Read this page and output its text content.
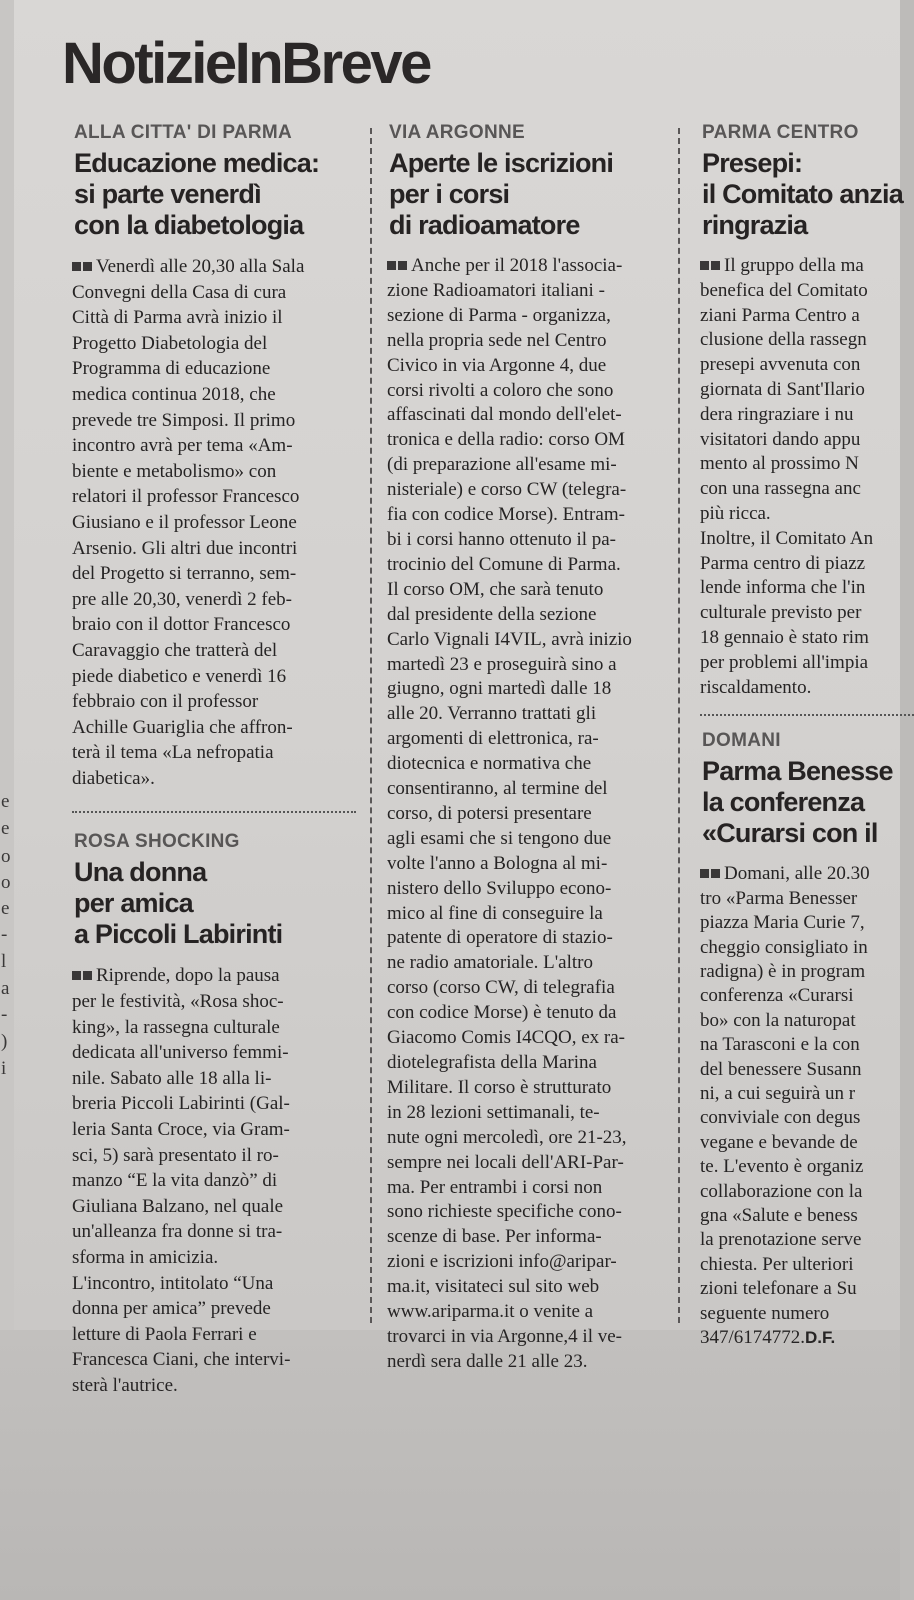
e
e
o
o
e
-
l
a
-
)
i
NotizieInBreve
ALLA CITTA' DI PARMA
Educazione medica:
si parte venerdì
con la diabetologia
Venerdì alle 20,30 alla Sala
Convegni della Casa di cura
Città di Parma avrà inizio il
Progetto Diabetologia del
Programma di educazione
medica continua 2018, che
prevede tre Simposi. Il primo
incontro avrà per tema «Am-
biente e metabolismo» con
relatori il professor Francesco
Giusiano e il professor Leone
Arsenio. Gli altri due incontri
del Progetto si terranno, sem-
pre alle 20,30, venerdì 2 feb-
braio con il dottor Francesco
Caravaggio che tratterà del
piede diabetico e venerdì 16
febbraio con il professor
Achille Guariglia che affron-
terà il tema «La nefropatia
diabetica».
ROSA SHOCKING
Una donna
per amica
a Piccoli Labirinti
Riprende, dopo la pausa
per le festività, «Rosa shoc-
king», la rassegna culturale
dedicata all'universo femmi-
nile. Sabato alle 18 alla li-
breria Piccoli Labirinti (Gal-
leria Santa Croce, via Gram-
sci, 5) sarà presentato il ro-
manzo “E la vita danzò” di
Giuliana Balzano, nel quale
un'alleanza fra donne si tra-
sforma in amicizia.
L'incontro, intitolato “Una
donna per amica” prevede
letture di Paola Ferrari e
Francesca Ciani, che intervi-
sterà l'autrice.
VIA ARGONNE
Aperte le iscrizioni
per i corsi
di radioamatore
Anche per il 2018 l'associa-
zione Radioamatori italiani -
sezione di Parma - organizza,
nella propria sede nel Centro
Civico in via Argonne 4, due
corsi rivolti a coloro che sono
affascinati dal mondo dell'elet-
tronica e della radio: corso OM
(di preparazione all'esame mi-
nisteriale) e corso CW (telegra-
fia con codice Morse). Entram-
bi i corsi hanno ottenuto il pa-
trocinio del Comune di Parma.
Il corso OM, che sarà tenuto
dal presidente della sezione
Carlo Vignali I4VIL, avrà inizio
martedì 23 e proseguirà sino a
giugno, ogni martedì dalle 18
alle 20. Verranno trattati gli
argomenti di elettronica, ra-
diotecnica e normativa che
consentiranno, al termine del
corso, di potersi presentare
agli esami che si tengono due
volte l'anno a Bologna al mi-
nistero dello Sviluppo econo-
mico al fine di conseguire la
patente di operatore di stazio-
ne radio amatoriale. L'altro
corso (corso CW, di telegrafia
con codice Morse) è tenuto da
Giacomo Comis I4CQO, ex ra-
diotelegrafista della Marina
Militare. Il corso è strutturato
in 28 lezioni settimanali, te-
nute ogni mercoledì, ore 21-23,
sempre nei locali dell'ARI-Par-
ma. Per entrambi i corsi non
sono richieste specifiche cono-
scenze di base. Per informa-
zioni e iscrizioni info@aripar-
ma.it, visitateci sul sito web
www.ariparma.it o venite a
trovarci in via Argonne,4 il ve-
nerdì sera dalle 21 alle 23.
PARMA CENTRO
Presepi:
il Comitato anzia
ringrazia
Il gruppo della ma
benefica del Comitato
ziani Parma Centro a
clusione della rassegn
presepi avvenuta con
giornata di Sant'Ilario
dera ringraziare i nu
visitatori dando appu
mento al prossimo N
con una rassegna anc
più ricca.
Inoltre, il Comitato An
Parma centro di piazz
lende informa che l'in
culturale previsto per
18 gennaio è stato rim
per problemi all'impia
riscaldamento.
DOMANI
Parma Benesse
la conferenza
«Curarsi con il
Domani, alle 20.30
tro «Parma Benesser
piazza Maria Curie 7,
cheggio consigliato in
radigna) è in program
conferenza «Curarsi
bo» con la naturopat
na Tarasconi e la con
del benessere Susann
ni, a cui seguirà un r
conviviale con degus
vegane e bevande de
te. L'evento è organiz
collaborazione con la
gna «Salute e beness
la prenotazione serve
chiesta. Per ulteriori
zioni telefonare a Su
seguente numero
347/6174772.D.F.
